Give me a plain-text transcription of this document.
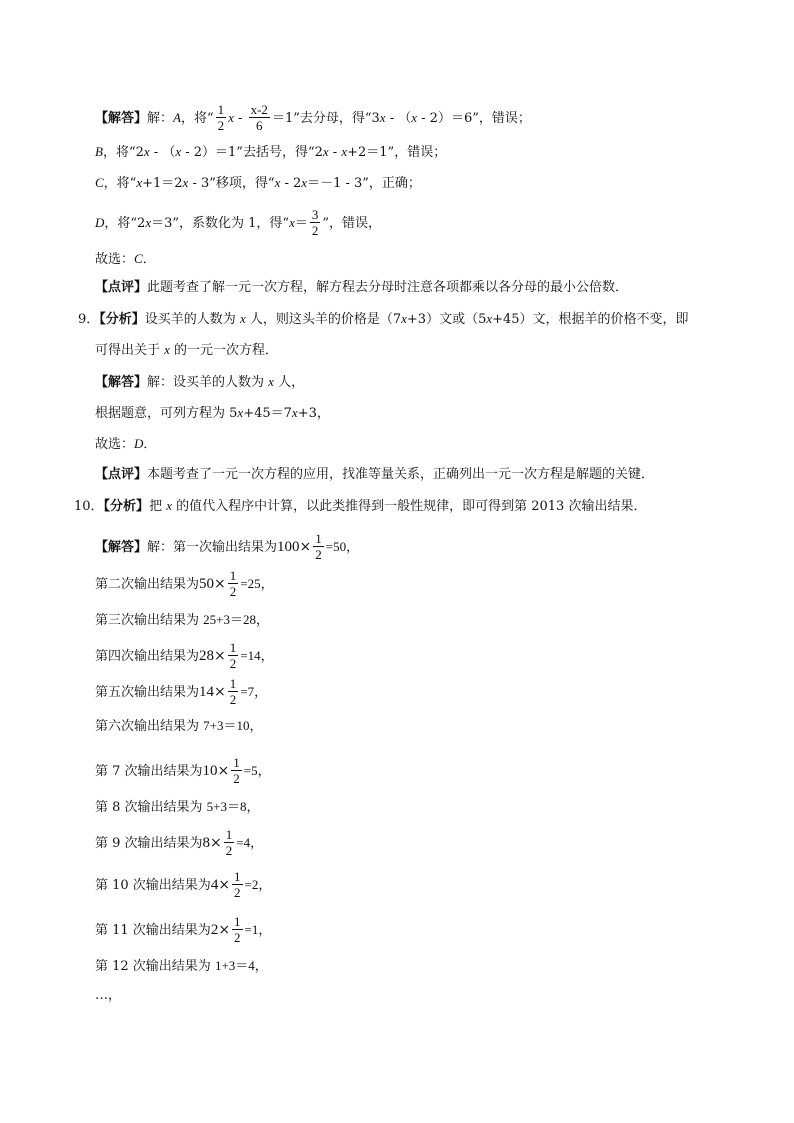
【解答】解：A，将“ $\frac{1}{2}$ $x - \frac{x-2}{6} =1$”去分母，得“3x - （x - 2）＝6”，错误；
B，将“2x - （x - 2）＝1”去括号，得“2x - x+2＝1”，错误；
C，将“x+1＝2x - 3”移项，得“x - 2x＝－1 - 3”，正确；
D，将“2x＝3”，系数化为 1，得“$x= \frac{3}{2}$ ”，错误，
故选：C．
【点评】此题考查了解一元一次方程，解方程去分母时注意各项都乘以各分母的最小公倍数．
9．【分析】设买羊的人数为 x 人，则这头羊的价格是（7x+3）文或（5x+45）文，根据羊的价格不变，即
可得出关于 x 的一元一次方程．
【解答】解：设买羊的人数为 x 人，
根据题意，可列方程为 5x+45＝7x+3，
故选：D．
【点评】本题考查了一元一次方程的应用，找准等量关系，正确列出一元一次方程是解题的关键．
10．【分析】把 x 的值代入程序中计算，以此类推得到一般性规律，即可得到第 2013 次输出结果．
【解答】解：第一次输出结果为$100\times \frac{1}{2} =50$，
第二次输出结果为$50\times \frac{1}{2} =25$，
第三次输出结果为 25+3＝28，
第四次输出结果为$28\times \frac{1}{2} =14$，
第五次输出结果为$14\times \frac{1}{2} =7$，
第六次输出结果为 7+3＝10，
第 7 次输出结果为$10\times \frac{1}{2} =5$，
第 8 次输出结果为 5+3＝8，
第 9 次输出结果为$8\times \frac{1}{2} =4$，
第 10 次输出结果为$4\times \frac{1}{2} =2$，
第 11 次输出结果为$2\times \frac{1}{2} =1$，
第 12 次输出结果为 1+3＝4，
…，
